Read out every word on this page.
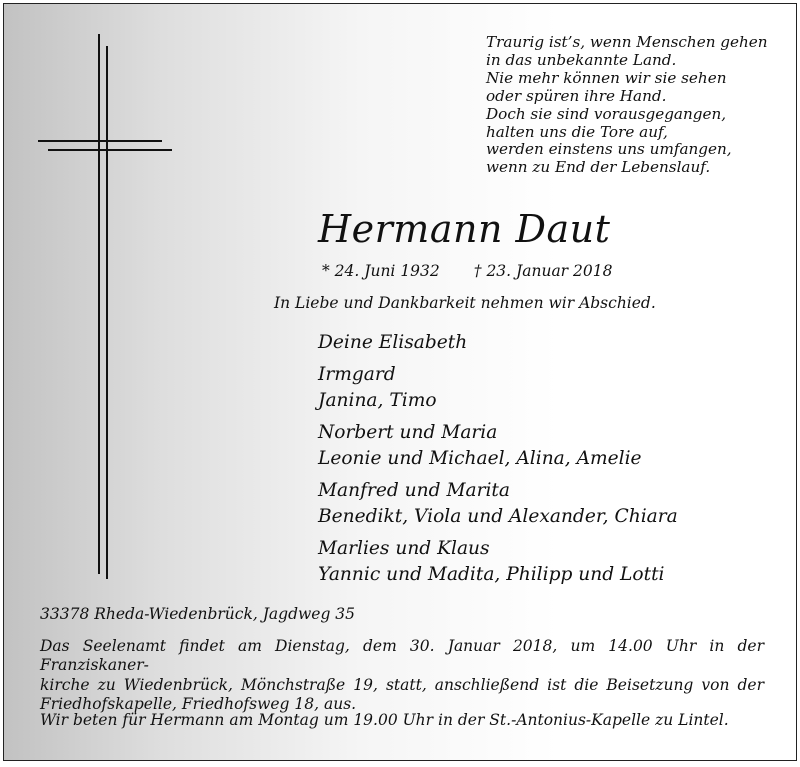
Traurig ist’s, wenn Menschen gehen
in das unbekannte Land.
Nie mehr können wir sie sehen
oder spüren ihre Hand.
Doch sie sind vorausgegangen,
halten uns die Tore auf,
werden einstens uns umfangen,
wenn zu End der Lebenslauf.
Hermann Daut
* 24. Juni 1932 † 23. Januar 2018
In Liebe und Dankbarkeit nehmen wir Abschied.
Deine Elisabeth
Irmgard
Janina, Timo
Norbert und Maria
Leonie und Michael, Alina, Amelie
Manfred und Marita
Benedikt, Viola und Alexander, Chiara
Marlies und Klaus
Yannic und Madita, Philipp und Lotti
33378 Rheda-Wiedenbrück, Jagdweg 35
Das Seelenamt findet am Dienstag, dem 30. Januar 2018, um 14.00 Uhr in der Franziskaner-
kirche zu Wiedenbrück, Mönchstraße 19, statt, anschließend ist die Beisetzung von der
Friedhofskapelle, Friedhofsweg 18, aus.
Wir beten für Hermann am Montag um 19.00 Uhr in der St.-Antonius-Kapelle zu Lintel.
